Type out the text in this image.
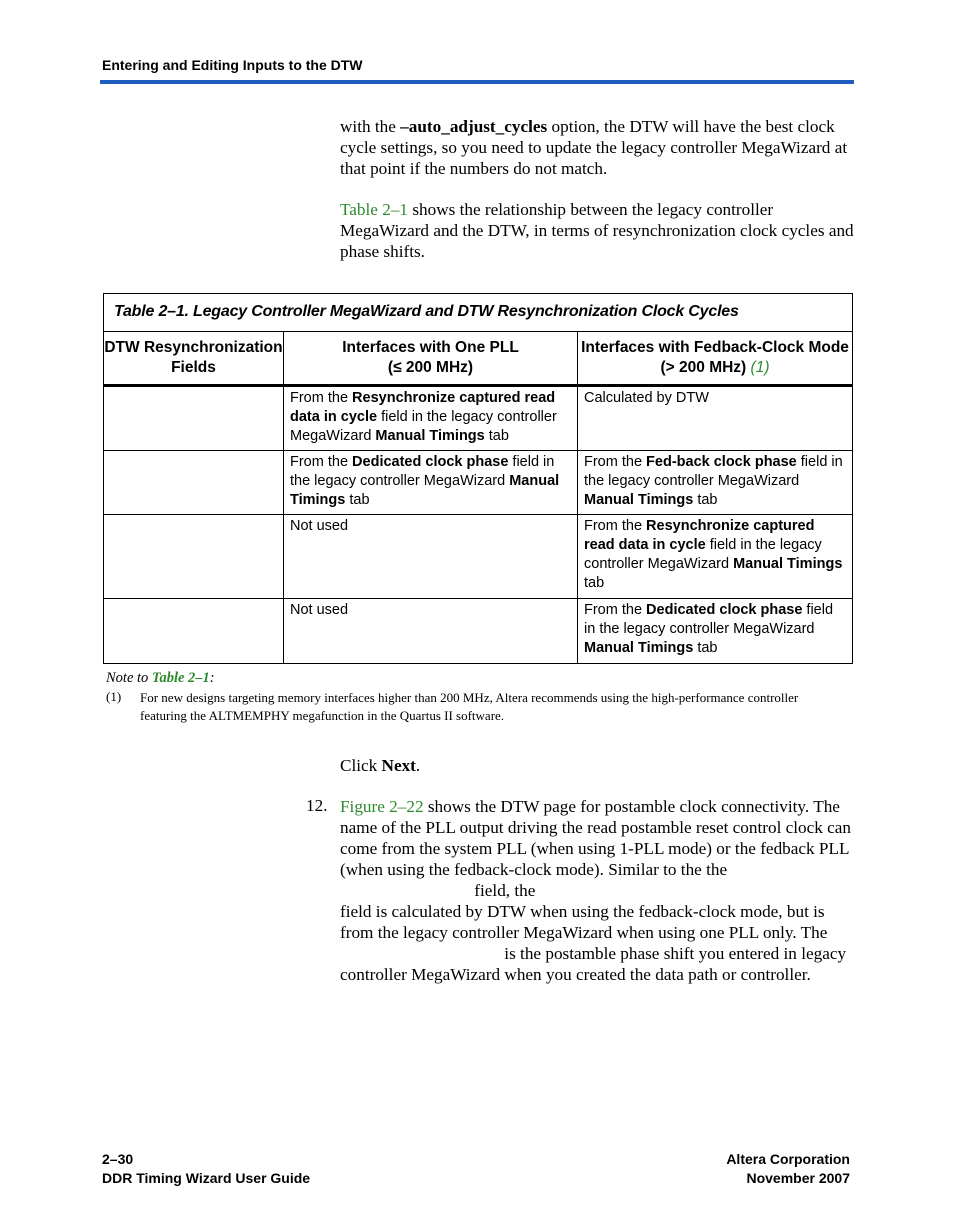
Entering and Editing Inputs to the DTW
with the –auto_adjust_cycles option, the DTW will have the best clock cycle settings, so you need to update the legacy controller MegaWizard at that point if the numbers do not match.
Table 2–1 shows the relationship between the legacy controller MegaWizard and the DTW, in terms of resynchronization clock cycles and phase shifts.
Table 2–1. Legacy Controller MegaWizard and DTW Resynchronization Clock Cycles
DTW Resynchronization Fields
Interfaces with One PLL
(≤ 200 MHz)
Interfaces with Fedback-Clock Mode
(> 200 MHz) (1)
From the Resynchronize captured read data in cycle field in the legacy controller MegaWizard Manual Timings tab
Calculated by DTW
From the Dedicated clock phase field in the legacy controller MegaWizard Manual Timings tab
From the Fed-back clock phase field in the legacy controller MegaWizard Manual Timings tab
Not used	From the Resynchronize captured read data in cycle field in the legacy controller MegaWizard Manual Timings tab
Not used	From the Dedicated clock phase field in the legacy controller MegaWizard Manual Timings tab
Note to Table 2–1:
(1) For new designs targeting memory interfaces higher than 200 MHz, Altera recommends using the high-performance controller featuring the ALTMEMPHY megafunction in the Quartus II software.
Click Next.
12. Figure 2–22 shows the DTW page for postamble clock connectivity. The name of the PLL output driving the read postamble reset control clock can come from the system PLL (when using 1-PLL mode) or the fedback PLL (when using the fedback-clock mode). Similar to the the  field, the
field is calculated by DTW when using the fedback-clock mode, but is from the legacy controller MegaWizard when using one PLL only. The  is the postamble phase shift you entered in legacy controller MegaWizard when you created the data path or controller.
2–30
DDR Timing Wizard User Guide
Altera Corporation
November 2007
